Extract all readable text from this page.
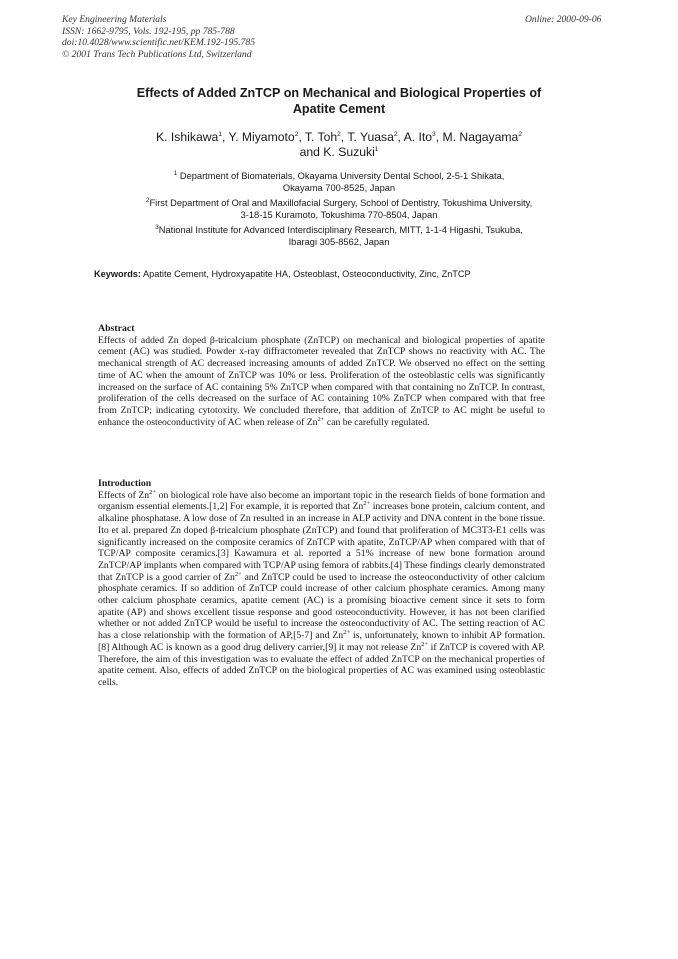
Key Engineering Materials
ISSN: 1662-9795, Vols. 192-195, pp 785-788
doi:10.4028/www.scientific.net/KEM.192-195.785
© 2001 Trans Tech Publications Ltd, Switzerland
Online: 2000-09-06
Effects of Added ZnTCP on Mechanical and Biological Properties of
Apatite Cement
K. Ishikawa$^1$, Y. Miyamoto$^2$, T. Toh$^2$, T. Yuasa$^2$, A. Ito$^3$, M. Nagayama$^2$
and K. Suzuki$^1$
$^1$ Department of Biomaterials, Okayama University Dental School, 2-5-1 Shikata,
Okayama 700-8525, Japan
$^2$First Department of Oral and Maxillofacial Surgery, School of Dentistry, Tokushima University,
3-18-15 Kuramoto, Tokushima 770-8504, Japan
$^3$National Institute for Advanced Interdisciplinary Research, MITT, 1-1-4 Higashi, Tsukuba,
Ibaragi 305-8562, Japan
Keywords: Apatite Cement, Hydroxyapatite HA, Osteoblast, Osteoconductivity, Zinc, ZnTCP
Abstract
Effects of added Zn doped β-tricalcium phosphate (ZnTCP) on mechanical and biological properties of apatite cement (AC) was studied. Powder x-ray diffractometer revealed that ZnTCP shows no reactivity with AC. The mechanical strength of AC decreased increasing amounts of added ZnTCP. We observed no effect on the setting time of AC when the amount of ZnTCP was 10% or less. Proliferation of the osteoblastic cells was significantly increased on the surface of AC containing 5% ZnTCP when compared with that containing no ZnTCP. In contrast, proliferation of the cells decreased on the surface of AC containing 10% ZnTCP when compared with that free from ZnTCP; indicating cytotoxity. We concluded therefore, that addition of ZnTCP to AC might be useful to enhance the osteoconductivity of AC when release of $Zn^{2+}$ can be carefully regulated.
Introduction
Effects of $Zn^{2+}$ on biological role have also become an important topic in the research fields of bone formation and organism essential elements.[1,2] For example, it is reported that $Zn^{2+}$ increases bone protein, calcium content, and alkaline phosphatase. A low dose of Zn resulted in an increase in ALP activity and DNA content in the bone tissue. Ito et al. prepared Zn doped β-tricalcium phosphate (ZnTCP) and found that proliferation of MC3T3-E1 cells was significantly increased on the composite ceramics of ZnTCP with apatite, ZnTCP/AP when compared with that of TCP/AP composite ceramics.[3] Kawamura et al. reported a 51% increase of new bone formation around ZnTCP/AP implants when compared with TCP/AP using femora of rabbits.[4] These findings clearly demonstrated that ZnTCP is a good carrier of $Zn^{2+}$ and ZnTCP could be used to increase the osteoconductivity of other calcium phosphate ceramics. If so addition of ZnTCP could increase of other calcium phosphate ceramics. Among many other calcium phosphate ceramics, apatite cement (AC) is a promising bioactive cement since it sets to form apatite (AP) and shows excellent tissue response and good osteoconductivity. However, it has not been clarified whether or not added ZnTCP would be useful to increase the osteoconductivity of AC. The setting reaction of AC has a close relationship with the formation of AP,[5-7] and $Zn^{2+}$ is, unfortunately, known to inhibit AP formation.[8] Although AC is known as a good drug delivery carrier,[9] it may not release $Zn^{2+}$ if ZnTCP is covered with AP. Therefore, the aim of this investigation was to evaluate the effect of added ZnTCP on the mechanical properties of apatite cement. Also, effects of added ZnTCP on the biological properties of AC was examined using osteoblastic cells.
